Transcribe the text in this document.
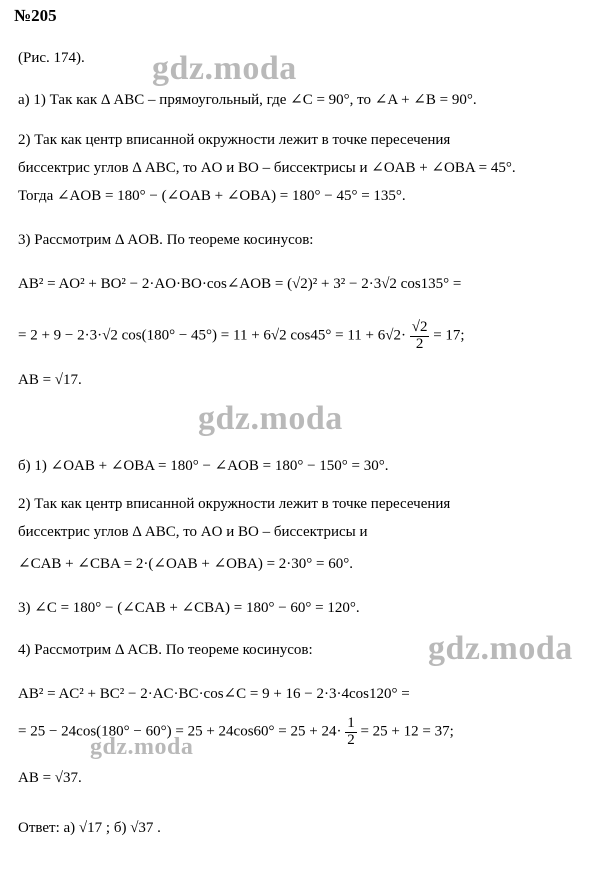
№205
(Рис. 174). gdz.moda
gdz.moda
gdz.moda
gdz.moda
а) 1) Так как Δ ABC – прямоугольный, где ∠C = 90°, то ∠A + ∠B = 90°.
2) Так как центр вписанной окружности лежит в точке пересечения
биссектрис углов Δ ABC, то AO и BO – биссектрисы и ∠OAB + ∠OBA = 45°.
Тогда ∠AOB = 180° − (∠OAB + ∠OBA) = 180° − 45° = 135°.
3) Рассмотрим Δ AOB. По теореме косинусов:
AB² = AO² + BO² − 2·AO·BO·cos∠AOB = (√2)² + 3² − 2·3√2 cos135° =
= 2 + 9 − 2·3·√2 cos(180° − 45°) = 11 + 6√2 $\cos 45^\circ = 11 + 6√2\cdot \frac{√2}{2} = 17$;
AB = √17.
б) 1) ∠OAB + ∠OBA = 180° − ∠AOB = 180° − 150° = 30°.
2) Так как центр вписанной окружности лежит в точке пересечения
биссектрис углов Δ ABC, то AO и BO – биссектрисы и
∠CAB + ∠CBA = 2·(∠OAB + ∠OBA) = 2·30° = 60°.
3) ∠C = 180° − (∠CAB + ∠CBA) = 180° − 60° = 120°.
4) Рассмотрим Δ ACB. По теореме косинусов:
AB² = AC² + BC² − 2·AC·BC·cos∠C = 9 + 16 − 2·3·4cos120° =
= $25 - 24\cos(180^\circ - 60^\circ) = 25 + 24\cos 60^\circ = 25 + 24\cdot \frac{1}{2} = 25 + 12 = 37$;
AB = √37.
Ответ: а) √17 ; б) √37 .
